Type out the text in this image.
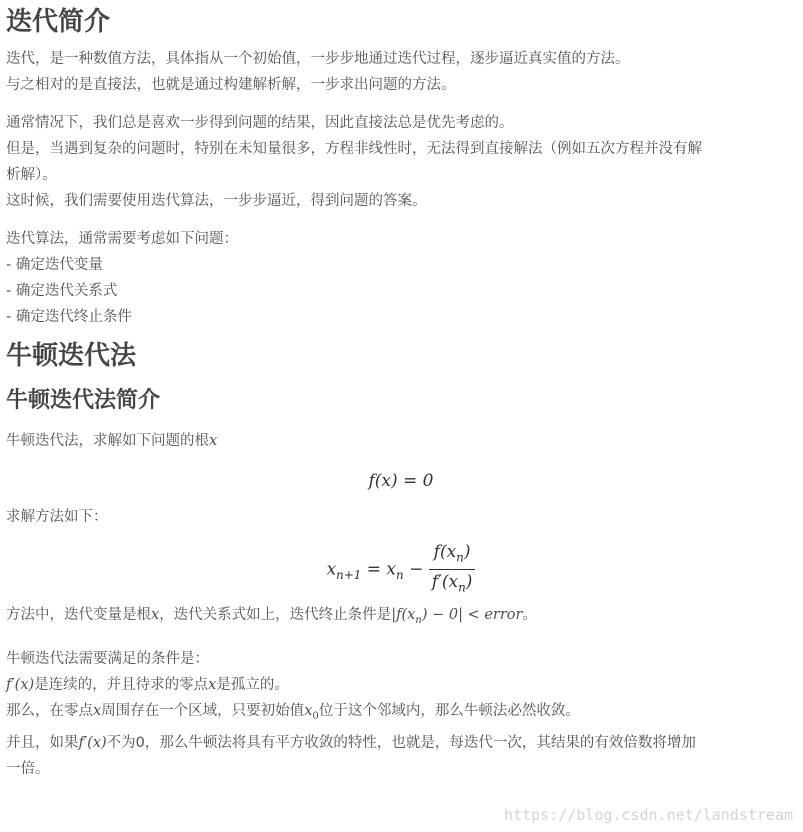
迭代简介
迭代，是一种数值方法，具体指从一个初始值，一步步地通过迭代过程，逐步逼近真实值的方法。
与之相对的是直接法，也就是通过构建解析解，一步求出问题的方法。
通常情况下，我们总是喜欢一步得到问题的结果，因此直接法总是优先考虑的。
但是，当遇到复杂的问题时，特别在未知量很多，方程非线性时，无法得到直接解法（例如五次方程并没有解
析解）。
这时候，我们需要使用迭代算法，一步步逼近，得到问题的答案。
迭代算法，通常需要考虑如下问题：
- 确定迭代变量
- 确定迭代关系式
- 确定迭代终止条件
牛顿迭代法
牛顿迭代法简介
牛顿迭代法，求解如下问题的根x
f(x) = 0
求解方法如下：
$x_{n+1} = x_n - \frac{f(x_n)}{f'(x_n)}$
方法中，迭代变量是根x，迭代关系式如上，迭代终止条件是$|f(x_n) - 0|$ < error。
牛顿迭代法需要满足的条件是：
f′(x)是连续的，并且待求的零点x是孤立的。
那么，在零点x周围存在一个区域，只要初始值$x_0$位于这个邻域内，那么牛顿法必然收敛。
并且，如果f′(x)不为0，那么牛顿法将具有平方收敛的特性，也就是，每迭代一次，其结果的有效倍数将增加
一倍。
https://blog.csdn.net/landstream
